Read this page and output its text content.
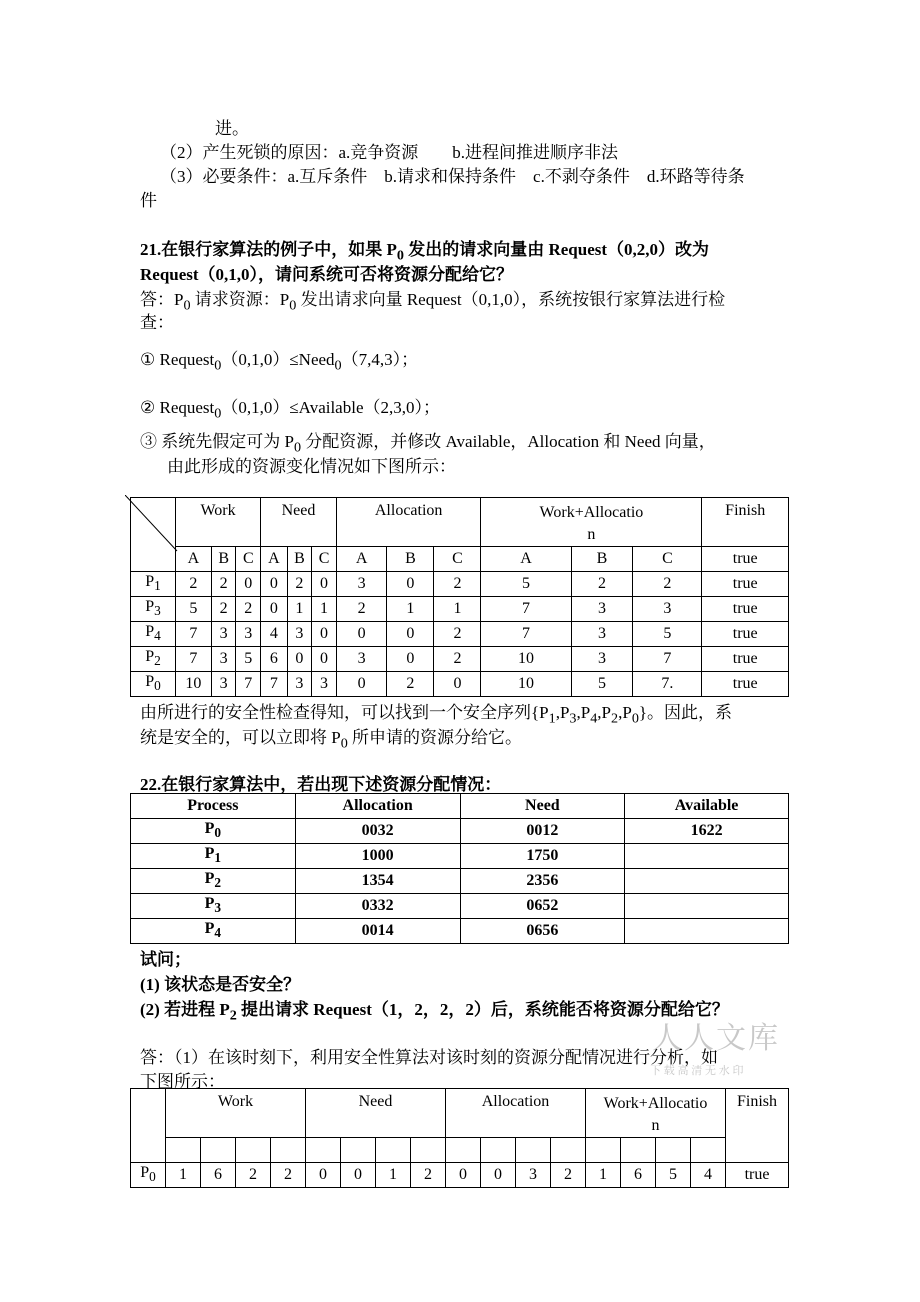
进。
（2）产生死锁的原因：a.竞争资源　　b.进程间推进顺序非法
（3）必要条件：a.互斥条件　b.请求和保持条件　c.不剥夺条件　d.环路等待条
件
21.在银行家算法的例子中，如果 $P_0$ 发出的请求向量由 Request（0,2,0）改为
Request（0,1,0），请问系统可否将资源分配给它？
答：$P_0$ 请求资源：$P_0$ 发出请求向量 Request（0,1,0），系统按银行家算法进行检
查：
① Request$_0$（0,1,0）≤Need$_0$（7,4,3）；
② Request$_0$（0,1,0）≤Available（2,3,0）；
③ 系统先假定可为 $P_0$ 分配资源，并修改 Available，Allocation 和 Need 向量，
由此形成的资源变化情况如下图所示：
	Work			Need			Allocation			Work+Allocatio
n			Finish
	A	B	C	A	B	C	A	B	C	A	B	C	true
$P_1$	2	2	0	0	2	0	3	0	2	5	2	2	true
$P_3$	5	2	2	0	1	1	2	1	1	7	3	3	true
$P_4$	7	3	3	4	3	0	0	0	2	7	3	5	true
$P_2$	7	3	5	6	0	0	3	0	2	10	3	7	true
$P_0$	10	3	7	7	3	3	0	2	0	10	5	7.	true
由所进行的安全性检查得知，可以找到一个安全序列$\{P_1,P_3,P_4,P_2,P_0\}$。因此，系
统是安全的，可以立即将 $P_0$ 所申请的资源分给它。
22.在银行家算法中，若出现下述资源分配情况：
Process	Allocation	Need	Available
$P_0$	0032	0012	1622
$P_1$	1000	1750	
$P_2$	1354	2356	
$P_3$	0332	0652	
$P_4$	0014	0656	
试问；
(1) 该状态是否安全？
(2) 若进程 $P_2$ 提出请求 Request（1，2，2，2）后，系统能否将资源分配给它？
答：（1）在该时刻下，利用安全性算法对该时刻的资源分配情况进行分析，如
下图所示：
人人文库
下 载 高 清 无 水 印
	Work				Need				Allocation				Work+Allocatio
n				Finish

$P_0$	1	6	2	2	0	0	1	2	0	0	3	2	1	6	5	4	true
